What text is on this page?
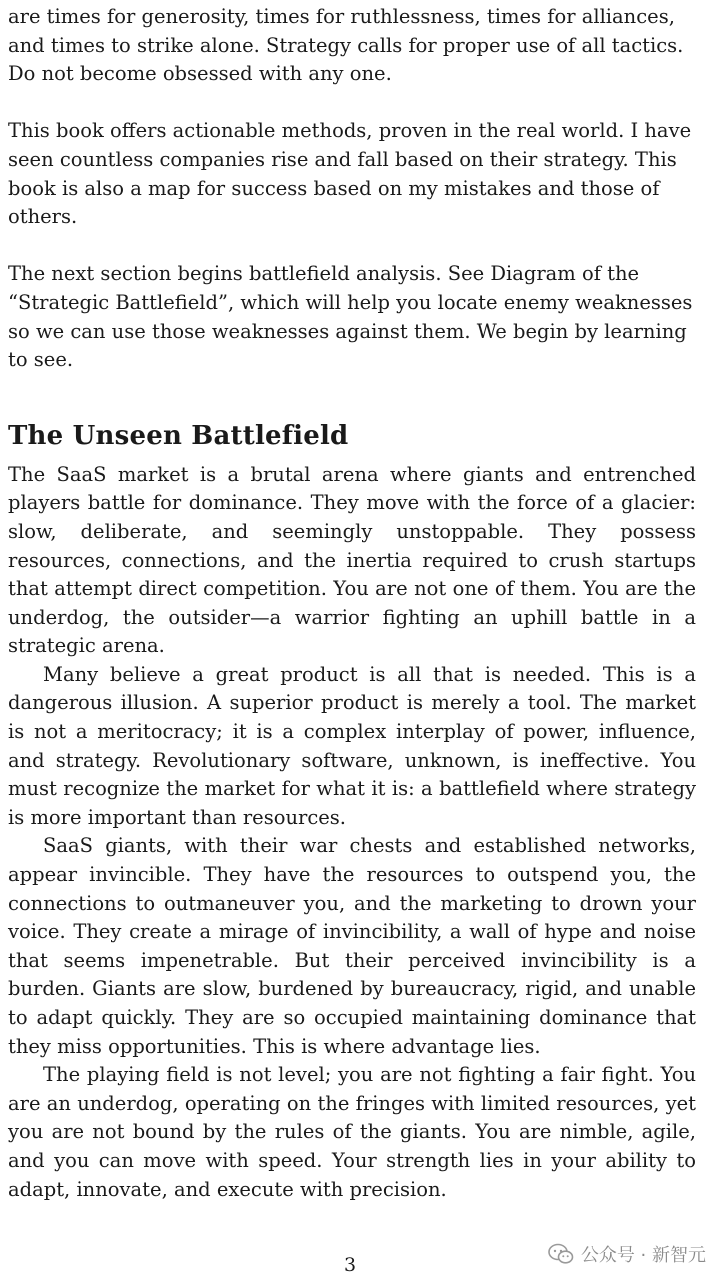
are times for generosity, times for ruthlessness, times for alliances, and times to strike alone. Strategy calls for proper use of all tactics. Do not become obsessed with any one.

This book offers actionable methods, proven in the real world. I have seen countless companies rise and fall based on their strategy. This book is also a map for success based on my mistakes and those of others.

The next section begins battlefield analysis. See Diagram of the “Strategic Battlefield”, which will help you locate enemy weaknesses so we can use those weaknesses against them. We begin by learning to see.

The Unseen Battlefield

The SaaS market is a brutal arena where giants and entrenched players battle for dominance. They move with the force of a glacier: slow, deliberate, and seemingly unstoppable. They possess resources, connections, and the inertia required to crush startups that attempt direct competition. You are not one of them. You are the underdog, the outsider—a warrior fighting an uphill battle in a strategic arena.

Many believe a great product is all that is needed. This is a dangerous illusion. A superior product is merely a tool. The market is not a meritocracy; it is a complex interplay of power, influence, and strategy. Revolutionary software, unknown, is ineffective. You must recognize the market for what it is: a battlefield where strategy is more important than resources.

SaaS giants, with their war chests and established networks, appear invincible. They have the resources to outspend you, the connections to outmaneuver you, and the marketing to drown your voice. They create a mirage of invincibility, a wall of hype and noise that seems impenetrable. But their perceived invincibility is a burden. Giants are slow, burdened by bureaucracy, rigid, and unable to adapt quickly. They are so occupied maintaining dominance that they miss opportunities. This is where advantage lies.

The playing field is not level; you are not fighting a fair fight. You are an underdog, operating on the fringes with limited resources, yet you are not bound by the rules of the giants. You are nimble, agile, and you can move with speed. Your strength lies in your ability to adapt, innovate, and execute with precision.

3	公众号 · 新智元
